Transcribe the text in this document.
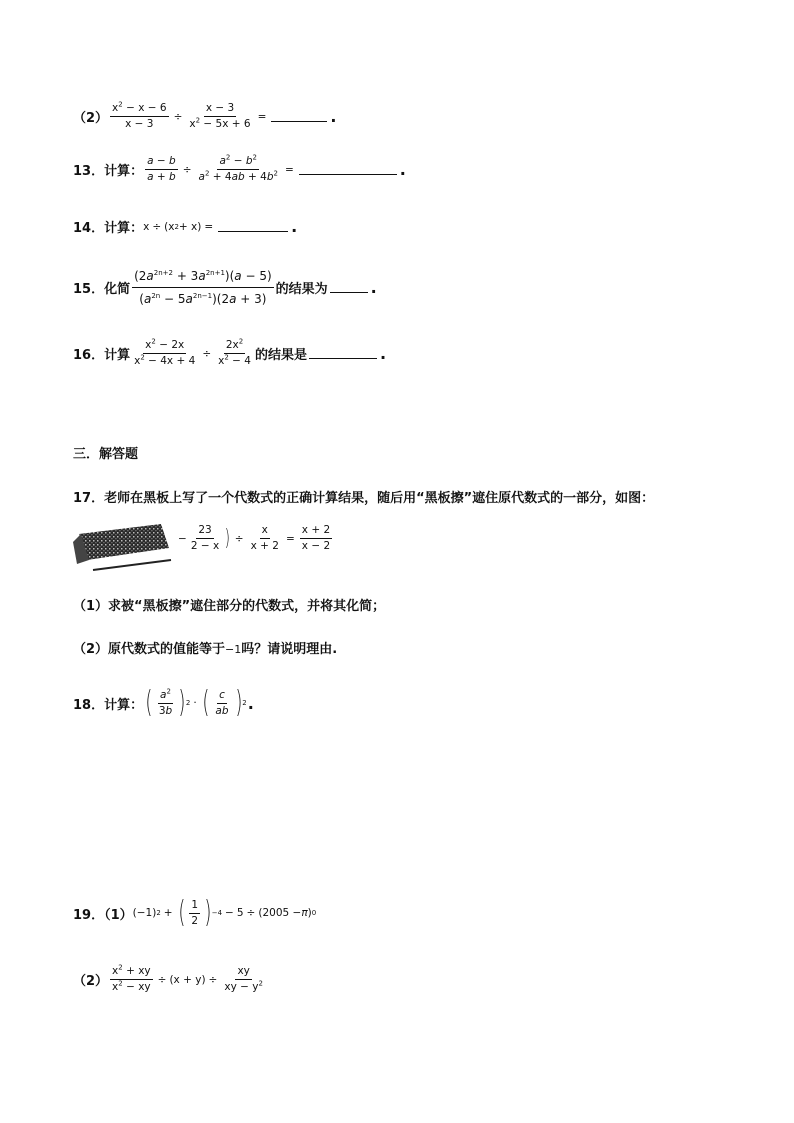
$(2) \frac{x^2 - x - 6}{x - 3} \div \frac{x - 3}{x^2 - 5x + 6}$ =	.
13．计算： $\frac{a - b}{a + b} \div \frac{a^2 - b^2}{a^2 + 4ab + 4b^2}$ =	.
14．计算： x ÷ (x 2 + x) =	.
15．化简 $\frac{(2a^{2n+2} + 3a^{2n+1})(a - 5)}{(a^{2n} - 5a^{2n-1})(2a + 3)}$ 的结果为	.
16．计算 $\frac{x^2 - 2x}{x^2 - 4x + 4} \div \frac{2x^2}{x^2 - 4}$ 的结果是	.
三．解答题
17．老师在黑板上写了一个代数式的正确计算结果，随后用“黑板擦”遮住原代数式的一部分，如图：
− $\frac{23}{2 - x}$ ) ÷ $\frac{x}{x + 2} = \frac{x + 2}{x - 2}$
（1）求被“黑板擦”遮住部分的代数式，并将其化简；
（2）原代数式的值能等于−1吗？请说明理由.
18．计算： ( $\frac{a^2}{3b}$ ) 2 · ( $\frac{c}{ab}$ ) 2 .
19．（1） (−1) 2 + ( $\frac{1}{2}$ ) −4 − 5 ÷ (2005 − π ) 0
$(2) \frac{x^2 + xy}{x^2 - xy} \div (x + y) \div \frac{xy}{xy - y^2}$
